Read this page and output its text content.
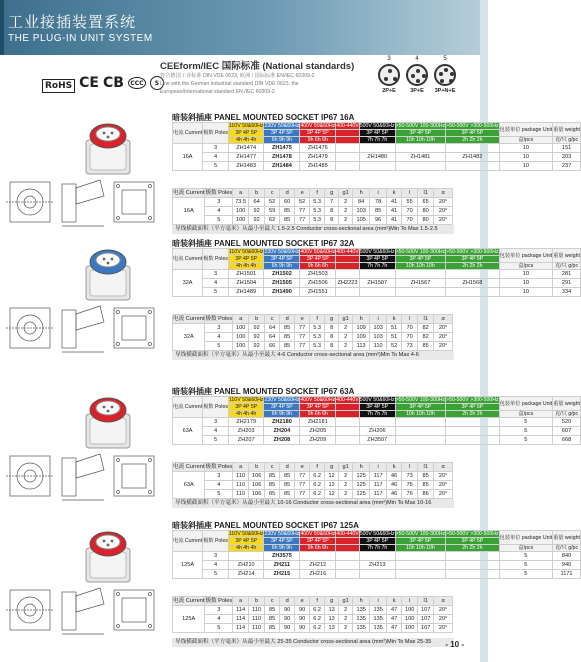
工业接插装置系统
THE PLUG-IN UNIT SYSTEM
RoHS CE CB	CCC	S
CEEform/IEC 国际标准 (National standards)
符合德国工业标准 DIN VDE 0623, 欧洲 / 国际标准 EN/IEC 60309-2
Line with the German industrial standard DIN VDE 0623, the
European/International standard EN /IEC 60309-2
3
2P+E
4
3P+E
5
3P+N+E
暗装斜插座 PANEL MOUNTED SOCKET IP67 16A
电流 Current	极数 Poles	110V 50&60Hz	230V 50&60Hz	400V 50&60Hz	400-440V	500V 50&60Hz	>50-500V 100-300Hz	>50-500V >300-500Hz	包装单位 package Unit	重量 weight
		3P 4P 5P	3P 4P 5P	3P 4P 5P		3P 4P 5P	3P 4P 5P	3P 4P 5P		
		4h 4h 4h	6h 9h 9h	9h 6h 6h		7h 7h 7h	10h 10h 10h	2h 2h 2h	盒/pcs	克/只 g/pc
16A	3	ZH1474	ZH1475	ZH1476					10	151
	4	ZH1477	ZH1478	ZH1479		ZH1480	ZH1481	ZH1482	10	203
	5	ZH1483	ZH1484	ZH1485					10	237
电流 Current	极数 Poles	a	b	c	d	e	f	g	g1	h	i	k	l	l1	α
16A	3	73.5	64	52	60	52	5.3	7	2	84	78	41	55	65	20°
	4	100	92	59	85	77	5.3	8	2	103	85	41	70	80	20°
	5	100	92	62	85	77	5.3	8	2	105	96	41	70	80	20°
导线横截面积（平方毫米）从最小至最大 1.5-2.5 Conductor cross-sectional area (mm²)Min To Max 1.5-2.5
暗装斜插座 PANEL MOUNTED SOCKET IP67 32A
电流 Current	极数 Poles	110V 50&60Hz	230V 50&60Hz	400V 50&60Hz	400-440V	500V 50&60Hz	>50-500V 100-300Hz	>50-500V >300-500Hz	包装单位 package Unit	重量 weight
		3P 4P 5P	3P 4P 5P	3P 4P 5P		3P 4P 5P	3P 4P 5P	3P 4P 5P		
		4h 4h 4h	6h 9h 9h	9h 6h 6h		7h 7h 7h	10h 10h 10h	2h 2h 2h	盒/pcs	克/只 g/pc
32A	3	ZH1501	ZH1502	ZH1503					10	281
	4	ZH1504	ZH1505	ZH1506	ZH2223	ZH1507	ZH1567	ZH1568	10	291
	5	ZH1489	ZH1490	ZH1551					10	334
电流 Current	极数 Poles	a	b	c	d	e	f	g	g1	h	i	k	l	l1	α
32A	3	100	92	64	85	77	5.3	8	2	109	103	51	70	82	20°
	4	100	92	64	85	77	5.3	8	2	109	103	51	70	82	20°
	5	100	92	66	85	77	5.3	8	2	113	110	52	73	85	20°
导线横截面积（平方毫米）从最小至最大 4-6 Conductor cross-sectional area (mm²)Min To Max 4-6
暗装斜插座 PANEL MOUNTED SOCKET IP67 63A
电流 Current	极数 Poles	110V 50&60Hz	230V 50&60Hz	400V 50&60Hz	400-440V	500V 50&60Hz	>50-500V 100-300Hz	>50-500V >300-500Hz	包装单位 package Unit	重量 weight
		3P 4P 5P	3P 4P 5P	3P 4P 5P		3P 4P 5P	3P 4P 5P	3P 4P 5P		
		4h 4h 4h	6h 9h 9h	9h 6h 6h		7h 7h 7h	10h 10h 10h	2h 2h 2h	盒/pcs	克/只 g/pc
63A	3	ZH2179	ZH2180	ZH2181					5	520
	4	ZH203	ZH204	ZH205		ZH206			5	607
	5	ZH207	ZH208	ZH209		ZH3507			5	668
电流 Current	极数 Poles	a	b	c	d	e	f	g	g1	h	i	k	l	l1	α
63A	3	110	106	85	85	77	6.2	12	2	125	117	46	73	85	20°
	4	110	106	85	85	77	6.2	12	2	125	117	46	75	85	20°
	5	110	106	85	85	77	6.2	12	2	125	117	46	76	86	20°
导线横截面积（平方毫米）从最小至最大 10-16 Conductor cross-sectional area (mm²)Min To Max 10-16
暗装斜插座 PANEL MOUNTED SOCKET IP67 125A
电流 Current	极数 Poles	110V 50&60Hz	230V 50&60Hz	400V 50&60Hz	400-440V	500V 50&60Hz	>50-500V 100-300Hz	>50-500V >300-500Hz	包装单位 package Unit	重量 weight
		3P 4P 5P	3P 4P 5P	3P 4P 5P		3P 4P 5P	3P 4P 5P	3P 4P 5P		
		4h 4h 4h	6h 9h 9h	9h 6h 6h		7h 7h 7h	10h 10h 10h	2h 2h 2h	盒/pcs	克/只 g/pc
125A	3		ZH3575						5	840
	4	ZH210	ZH211	ZH212		ZH213			5	940
	5	ZH214	ZH215	ZH216					5	1171
电流 Current	极数 Poles	a	b	c	d	e	f	g	g1	h	i	k	l	l1	α
125A	3	114	110	85	90	90	6.2	13	2	135	135	47	100	107	20°
	4	114	110	85	90	90	6.2	13	2	135	135	47	100	107	20°
	5	114	110	85	90	90	6.2	13	2	135	135	47	100	107	20°
导线横截面积（平方毫米）从最小至最大 25-35 Conductor cross-sectional area (mm²)Min To Max 25-35	- 10 -
